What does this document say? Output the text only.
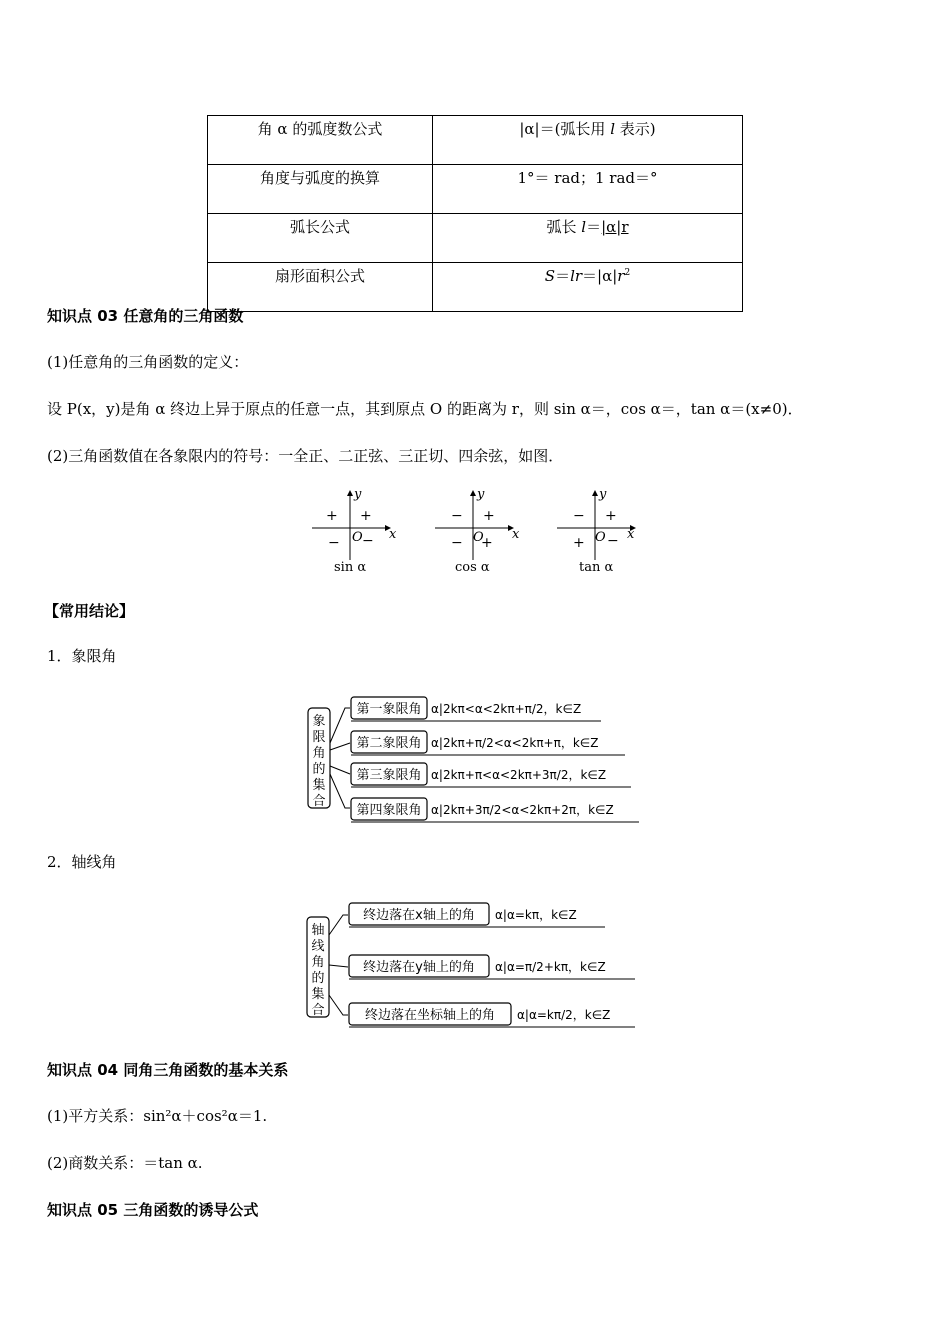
角 α 的弧度数公式	|α|＝(弧长用 l 表示)
角度与弧度的换算	1°＝ rad；1 rad＝°
弧长公式	弧长 l＝|α|r
扇形面积公式	$S=lr=|\alpha|r^2$
知识点 03 任意角的三角函数
(1)任意角的三角函数的定义：
设 P(x，y)是角 α 终边上异于原点的任意一点，其到原点 O 的距离为 r，则 sin α＝，cos α＝，tan α＝(x≠0)．
(2)三角函数值在各象限内的符号：一全正、二正弦、三正切、四余弦，如图．
y
x
O
+ +
− −
sin α
y
x
O
− +
− +
cos α
y
x
O
− +
+ −
tan α
【常用结论】
1．象限角
象
限
角
的
集
合
第一象限角 α|2kπ<α<2kπ+π/2，k∈Z
第二象限角 α|2kπ+π/2<α<2kπ+π，k∈Z
第三象限角 α|2kπ+π<α<2kπ+3π/2，k∈Z
第四象限角 α|2kπ+3π/2<α<2kπ+2π，k∈Z
2．轴线角
轴
线
角
的
集
合
终边落在x轴上的角 α|α=kπ，k∈Z
终边落在y轴上的角 α|α=π/2+kπ，k∈Z
终边落在坐标轴上的角 α|α=kπ/2，k∈Z
知识点 04 同角三角函数的基本关系
(1)平方关系：sin²α＋cos²α＝1.
(2)商数关系：＝tan α.
知识点 05 三角函数的诱导公式
